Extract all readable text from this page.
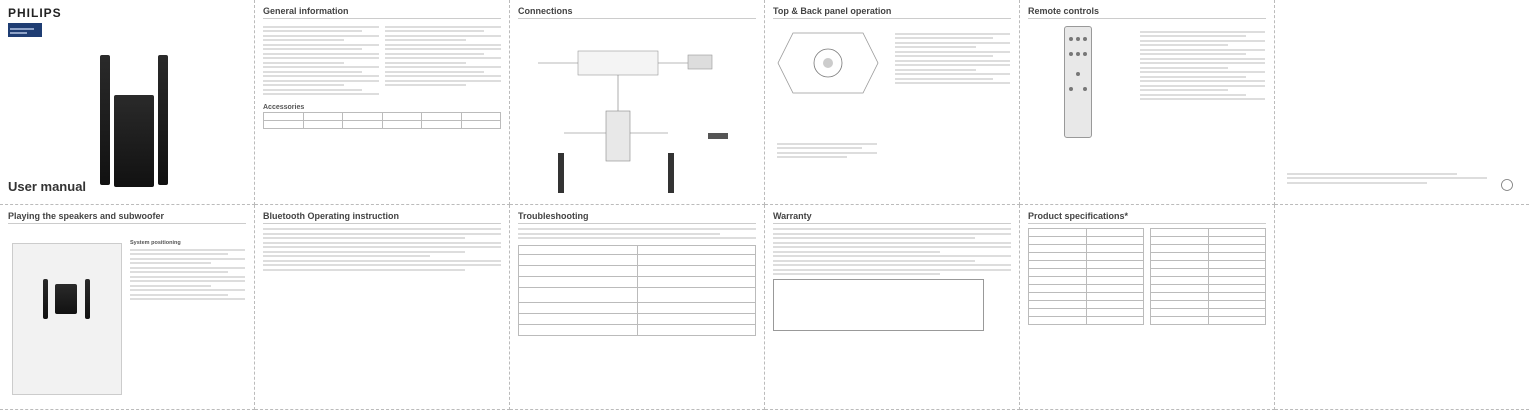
PHILIPS
User manual
General information
Accessories

Connections	Top & Back panel operation	Remote controls
Playing the speakers and subwoofer
System positioning
Bluetooth Operating instruction	Troubleshooting

		Warranty	Product specifications*
